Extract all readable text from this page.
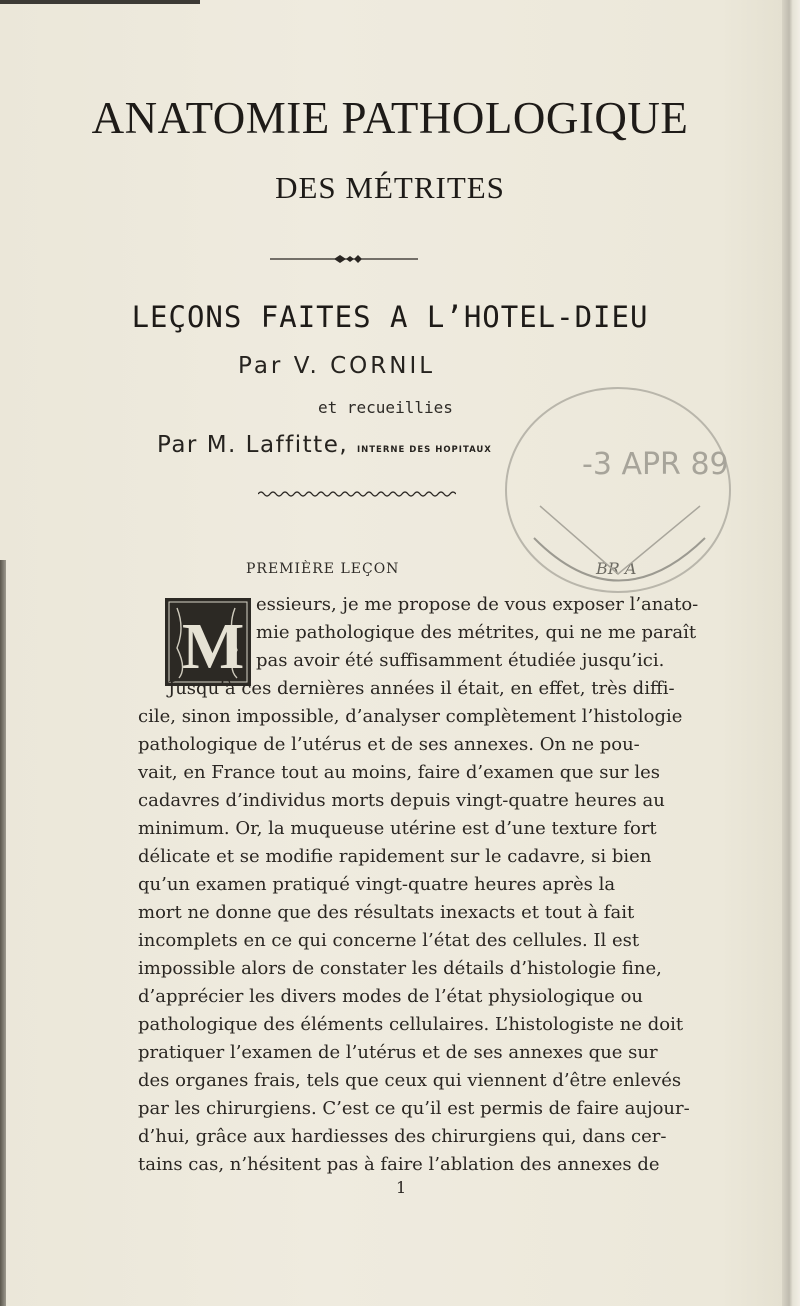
ANATOMIE PATHOLOGIQUE
DES MÉTRITES
LEÇONS FAITES A L’HOTEL-DIEU
Par V. CORNIL
et recueillies
Par M. Laffitte, INTERNE DES HOPITAUX	-3 APR 89
BR A
PREMIÈRE LEÇON
M
essieurs, je me propose de vous exposer l’anato-
mie pathologique des métrites, qui ne me paraît
pas avoir été suffisamment étudiée jusqu’ici.
Jusqu’à ces dernières années il était, en effet, très diffi-
cile, sinon impossible, d’analyser complètement l’histologie
pathologique de l’utérus et de ses annexes. On ne pou-
vait, en France tout au moins, faire d’examen que sur les
cadavres d’individus morts depuis vingt-quatre heures au
minimum. Or, la muqueuse utérine est d’une texture fort
délicate et se modifie rapidement sur le cadavre, si bien
qu’un examen pratiqué vingt-quatre heures après la
mort ne donne que des résultats inexacts et tout à fait
incomplets en ce qui concerne l’état des cellules. Il est
impossible alors de constater les détails d’histologie fine,
d’apprécier les divers modes de l’état physiologique ou
pathologique des éléments cellulaires. L’histologiste ne doit
pratiquer l’examen de l’utérus et de ses annexes que sur
des organes frais, tels que ceux qui viennent d’être enlevés
par les chirurgiens. C’est ce qu’il est permis de faire aujour-
d’hui, grâce aux hardiesses des chirurgiens qui, dans cer-
tains cas, n’hésitent pas à faire l’ablation des annexes de
1
